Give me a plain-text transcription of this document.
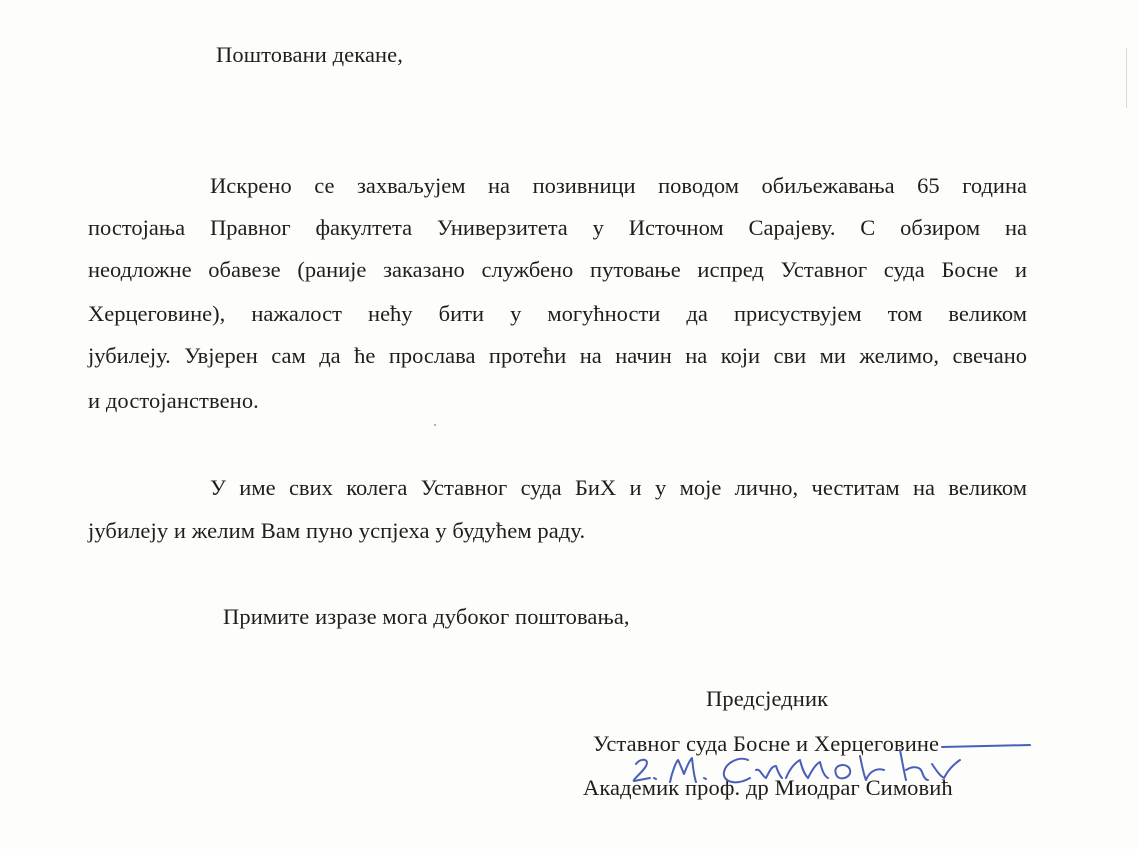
Поштовани декане,
Искрено се захваљујем на позивници поводом обиљежавања 65 година
постојања Правног факултета Универзитета у Источном Сарајеву. С обзиром на
неодложне обавезе (раније заказано службено путовање испред Уставног суда Босне и
Херцеговине), нажалост нећу бити у могућности да присуствујем том великом
јубилеју. Увјерен сам да ће прослава протећи на начин на који сви ми желимо, свечано
и достојанствено.
У име свих колега Уставног суда БиХ и у моје лично, честитам на великом
јубилеју и желим Вам пуно успјеха у будућем раду.
Примите изразе мога дубоког поштовања,
Предсједник
Уставног суда Босне и Херцеговине
Академик проф. др Миодраг Симовић
